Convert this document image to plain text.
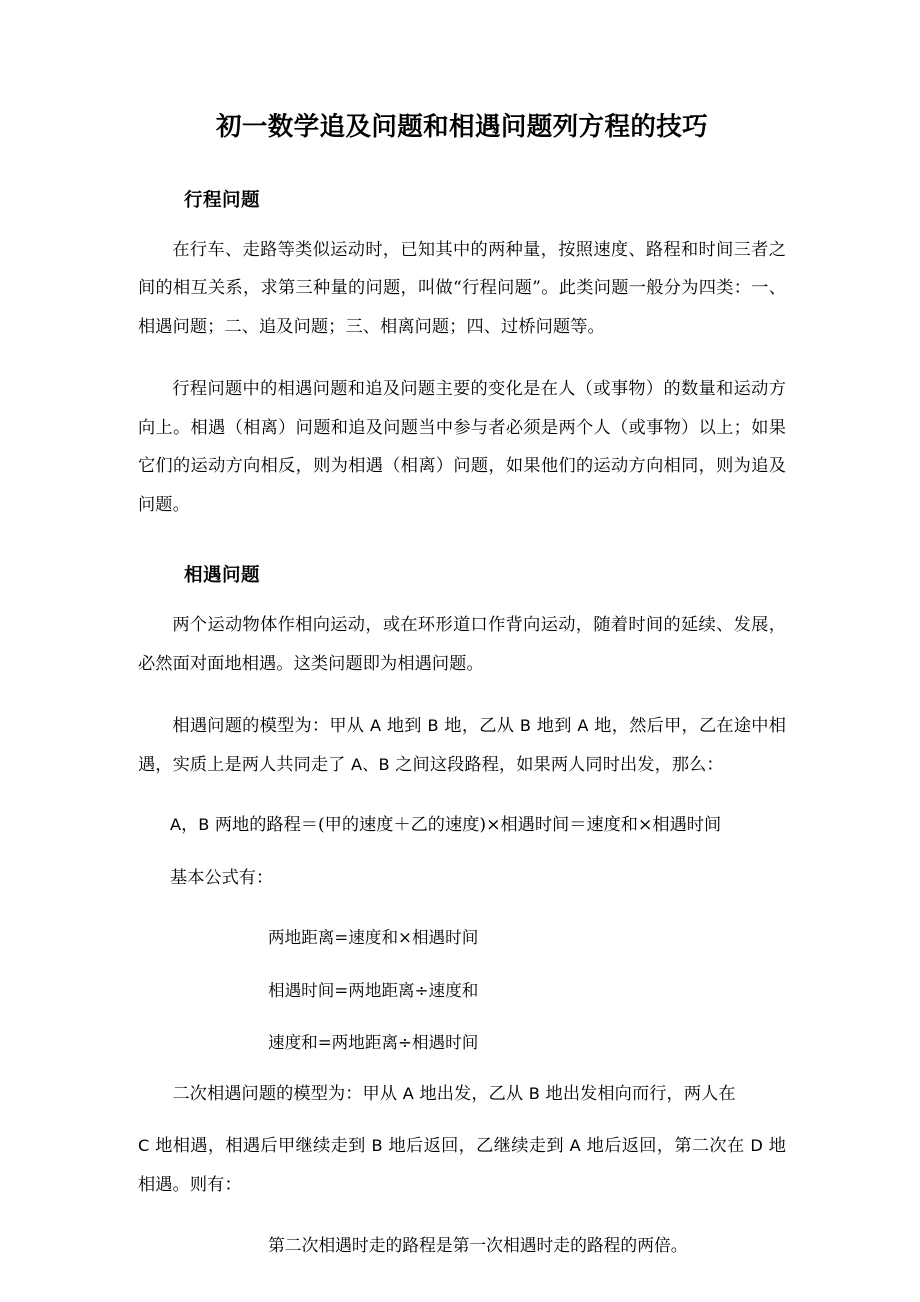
初一数学追及问题和相遇问题列方程的技巧
行程问题

在行车、走路等类似运动时，已知其中的两种量，按照速度、路程和时间三者之间的相互关系，求第三种量的问题，叫做“行程问题”。此类问题一般分为四类：一、相遇问题；二、追及问题；三、相离问题；四、过桥问题等。

行程问题中的相遇问题和追及问题主要的变化是在人（或事物）的数量和运动方向上。相遇（相离）问题和追及问题当中参与者必须是两个人（或事物）以上；如果它们的运动方向相反，则为相遇（相离）问题，如果他们的运动方向相同，则为追及问题。

相遇问题

两个运动物体作相向运动，或在环形道口作背向运动，随着时间的延续、发展，必然面对面地相遇。这类问题即为相遇问题。

相遇问题的模型为：甲从 A 地到 B 地，乙从 B 地到 A 地，然后甲，乙在途中相遇，实质上是两人共同走了 A、B 之间这段路程，如果两人同时出发，那么：

A，B 两地的路程＝(甲的速度＋乙的速度)×相遇时间＝速度和×相遇时间

基本公式有：

两地距离=速度和×相遇时间

相遇时间=两地距离÷速度和

速度和=两地距离÷相遇时间

二次相遇问题的模型为：甲从 A 地出发，乙从 B 地出发相向而行，两人在

C 地相遇，相遇后甲继续走到 B 地后返回，乙继续走到 A 地后返回，第二次在 D 地相遇。则有：

第二次相遇时走的路程是第一次相遇时走的路程的两倍。
